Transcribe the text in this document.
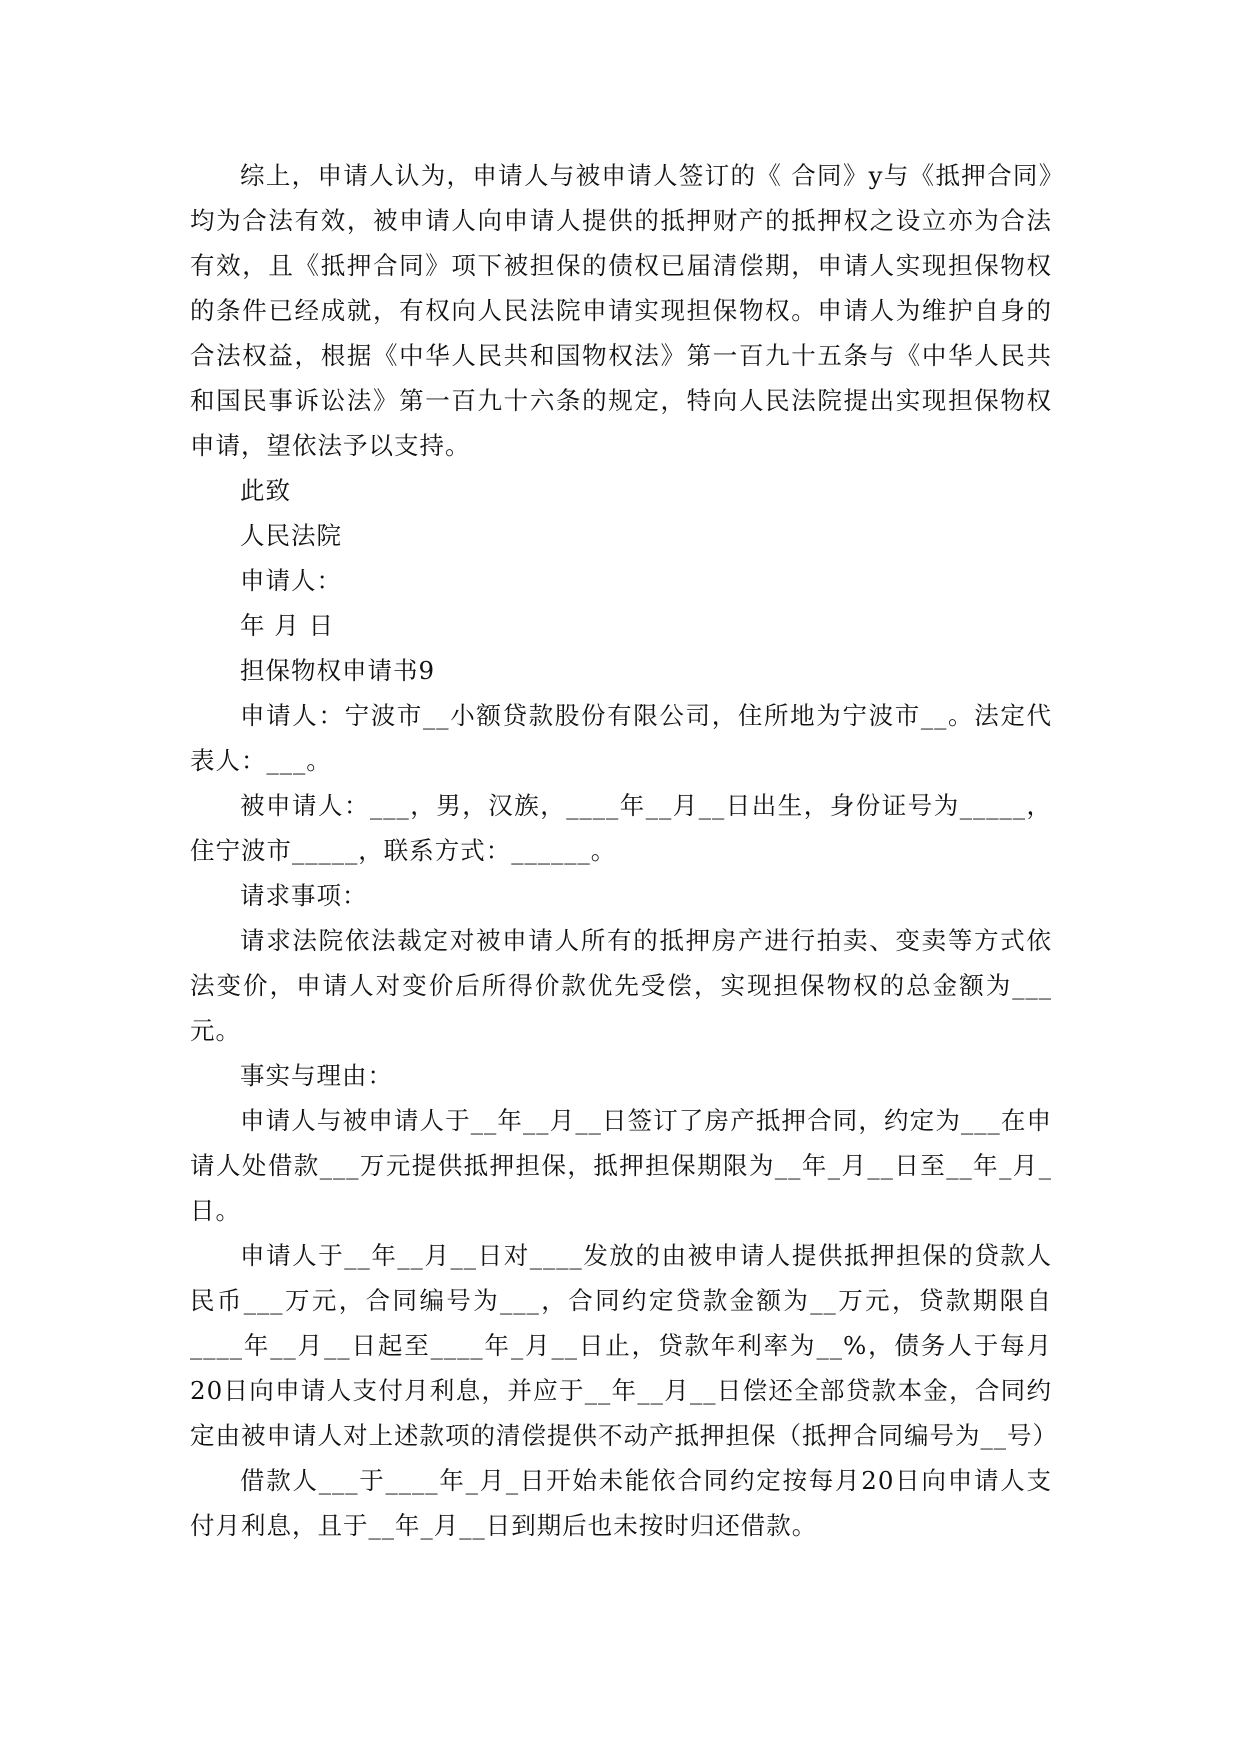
综上，申请人认为，申请人与被申请人签订的《 合同》y与《抵押合同》均为合法有效，被申请人向申请人提供的抵押财产的抵押权之设立亦为合法有效，且《抵押合同》项下被担保的债权已届清偿期，申请人实现担保物权的条件已经成就，有权向人民法院申请实现担保物权。申请人为维护自身的合法权益，根据《中华人民共和国物权法》第一百九十五条与《中华人民共和国民事诉讼法》第一百九十六条的规定，特向人民法院提出实现担保物权申请，望依法予以支持。

此致

人民法院

申请人：

年 月 日

担保物权申请书9

申请人：宁波市__小额贷款股份有限公司，住所地为宁波市__。法定代表人：___。

被申请人：___，男，汉族，____年__月__日出生，身份证号为_____，住宁波市_____，联系方式：______。

请求事项：

请求法院依法裁定对被申请人所有的抵押房产进行拍卖、变卖等方式依法变价，申请人对变价后所得价款优先受偿，实现担保物权的总金额为___元。

事实与理由：

申请人与被申请人于__年__月__日签订了房产抵押合同，约定为___在申请人处借款___万元提供抵押担保，抵押担保期限为__年_月__日至__年_月_日。

申请人于__年__月__日对____发放的由被申请人提供抵押担保的贷款人民币___万元，合同编号为___，合同约定贷款金额为__万元，贷款期限自____年__月__日起至____年_月__日止，贷款年利率为__%，债务人于每月20日向申请人支付月利息，并应于__年__月__日偿还全部贷款本金，合同约定由被申请人对上述款项的清偿提供不动产抵押担保（抵押合同编号为__号）

借款人___于____年_月_日开始未能依合同约定按每月20日向申请人支付月利息，且于__年_月__日到期后也未按时归还借款。
